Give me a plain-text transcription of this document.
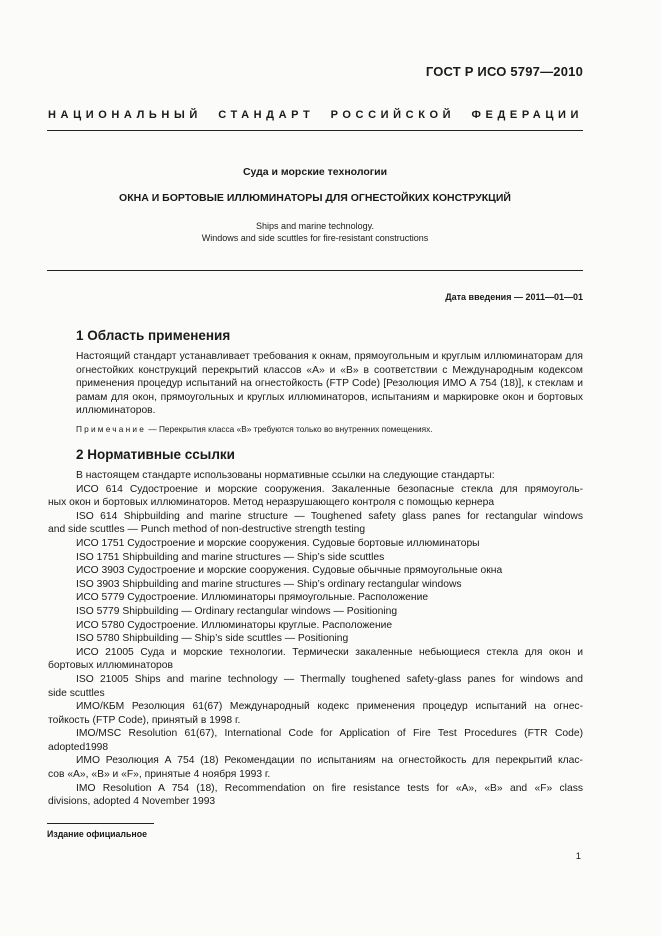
ГОСТ Р ИСО 5797—2010
НАЦИОНАЛЬНЫЙ СТАНДАРТ РОССИЙСКОЙ ФЕДЕРАЦИИ
Суда и морские технологии
ОКНА И БОРТОВЫЕ ИЛЛЮМИНАТОРЫ ДЛЯ ОГНЕСТОЙКИХ КОНСТРУКЦИЙ
Ships and marine technology.
Windows and side scuttles for fire-resistant constructions
Дата введения — 2011—01—01
1 Область применения
Настоящий стандарт устанавливает требования к окнам, прямоугольным и круглым иллюминаторам для огнестойких конструкций перекрытий классов «А» и «В» в соответствии с Международным кодексом применения процедур испытаний на огнестойкость (FTP Code) [Резолюция ИМО А 754 (18)], к стеклам и рамам для окон, прямоугольных и круглых иллюминаторов, испытаниям и маркировке окон и бортовых иллюминаторов.
Примечание — Перекрытия класса «В» требуются только во внутренних помещениях.
2 Нормативные ссылки
В настоящем стандарте использованы нормативные ссылки на следующие стандарты:
ИСО 614 Судостроение и морские сооружения. Закаленные безопасные стекла для прямоуголь-
ных окон и бортовых иллюминаторов. Метод неразрушающего контроля с помощью кернера
ISO 614 Shipbuilding and marine structure — Toughened safety glass panes for rectangular windows
and side scuttles — Punch method of non-destructive strength testing
ИСО 1751 Судостроение и морские сооружения. Судовые бортовые иллюминаторы
ISO 1751 Shipbuilding and marine structures — Ship’s side scuttles
ИСО 3903 Судостроение и морские сооружения. Судовые обычные прямоугольные окна
ISO 3903 Shipbuilding and marine structures — Ship’s ordinary rectangular windows
ИСО 5779 Судостроение. Иллюминаторы прямоугольные. Расположение
ISO 5779 Shipbuilding — Ordinary rectangular windows — Positioning
ИСО 5780 Судостроение. Иллюминаторы круглые. Расположение
ISO 5780 Shipbuilding — Ship’s side scuttles — Positioning
ИСО 21005 Суда и морские технологии. Термически закаленные небьющиеся стекла для окон и
бортовых иллюминаторов
ISO 21005 Ships and marine technology — Thermally toughened safety-glass panes for windows and
side scuttles
ИМО/КБМ Резолюция 61(67) Международный кодекс применения процедур испытаний на огнес-
тойкость (FTP Code), принятый в 1998 г.
IMO/MSC Resolution 61(67), International Code for Application of Fire Test Procedures (FTR Code)
adopted1998
ИМО Резолюция А 754 (18) Рекомендации по испытаниям на огнестойкость для перекрытий клас-
сов «А», «В» и «F», принятые 4 ноября 1993 г.
IMO Resolution A 754 (18), Recommendation on fire resistance tests for «A», «B» and «F» class
divisions, adopted 4 November 1993
Издание официальное
1
